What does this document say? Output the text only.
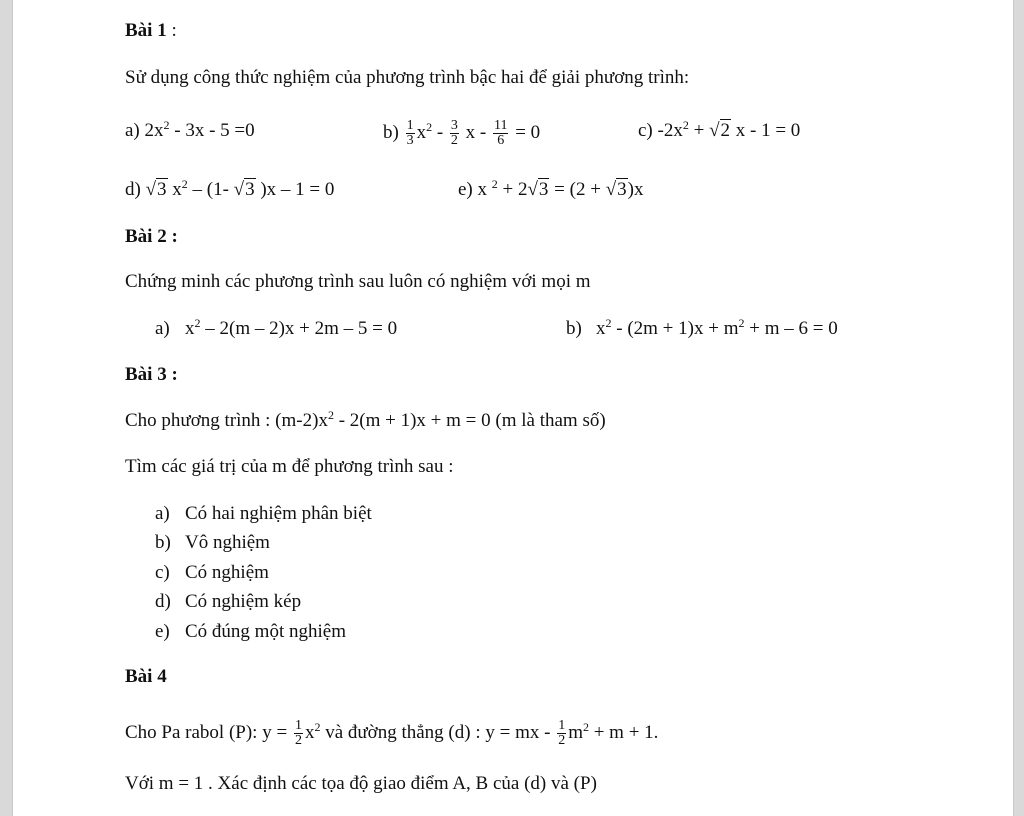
Bài 1 :
Sử dụng công thức nghiệm của phương trình bậc hai để giải phương trình:
a) $2x^2 - 3x - 5 =0$	$b) \frac{1}{3} x^2 - \frac{3}{2}$ $x - \frac{11}{6} = 0$	c) $-2x^2 + √2$ x - 1 = 0
d) √3 $x^2 - (1-$ √3 )x – 1 = 0	e) x $^2$ + 2√3 = (2 + √3)x
Bài 2 :
Chứng minh các phương trình sau luôn có nghiệm với mọi m
a) $x^2 - 2(m - 2)x + 2m - 5 = 0$	b) $x^2 - (2m + 1)x + m^2 + m - 6 = 0$
Bài 3 :
Cho phương trình : $(m-2)x^2 - 2(m + 1)x + m = 0$ (m là tham số)
Tìm các giá trị của m để phương trình sau :
a) Có hai nghiệm phân biệt
b) Vô nghiệm
c) Có nghiệm
d) Có nghiệm kép
e) Có đúng một nghiệm
Bài 4
Cho Pa rabol (P): $y = \frac{1}{2} x^2$ và đường thẳng (d) : y = mx - $\frac{1}{2} m^2 + m + 1$.
Với m = 1 . Xác định các tọa độ giao điểm A, B của (d) và (P)
